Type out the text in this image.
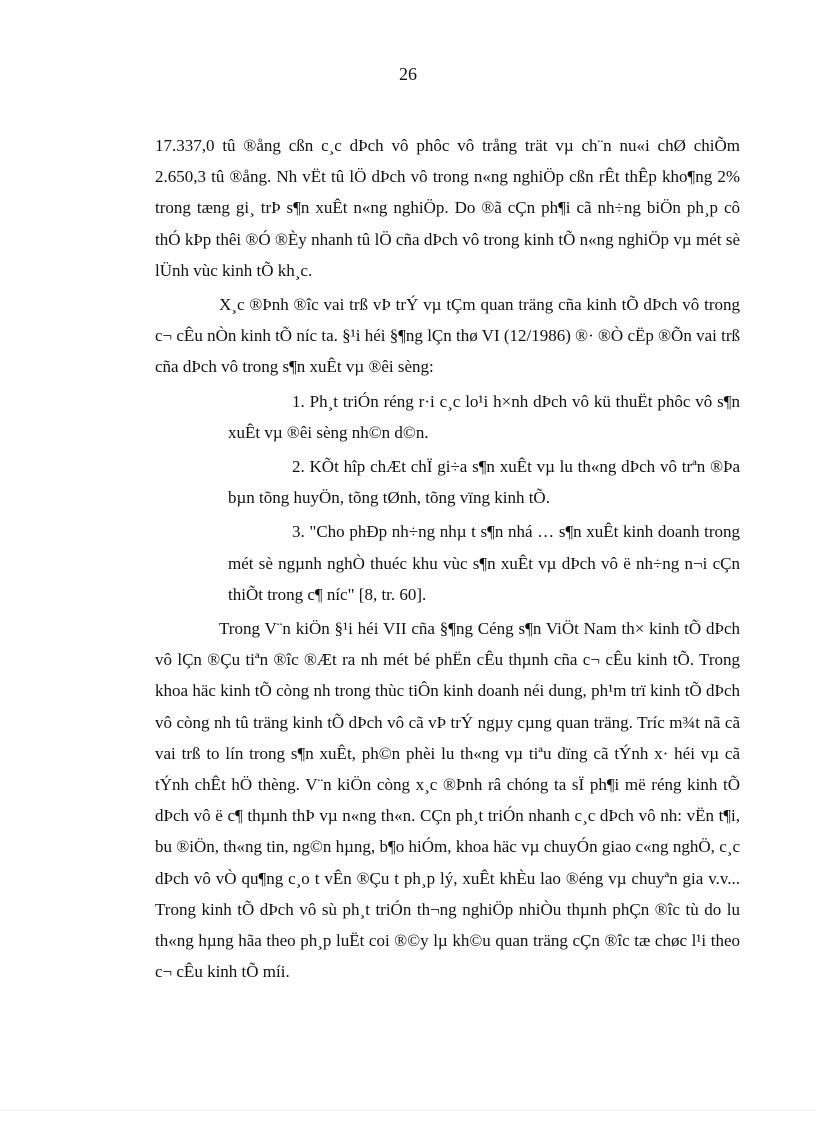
26

17.337,0 tû ®ång cßn c¸c dÞch vô phôc vô trång trät vµ ch¨n nu«i chØ chiÕm 2.650,3 tû ®ång. Nh vËt tû lÖ dÞch vô trong n«ng nghiÖp cßn rÊt thÊp kho¶ng 2% trong tæng gi¸ trÞ s¶n xuÊt n«ng nghiÖp. Do ®ã cÇn ph¶i cã nh÷ng biÖn ph¸p cô thÓ kÞp thêi ®Ó ®Èy nhanh tû lÖ cña dÞch vô trong kinh tÕ n«ng nghiÖp vµ mét sè lÜnh vùc kinh tÕ kh¸c.

X¸c ®Þnh ®îc vai trß vÞ trÝ vµ tÇm quan träng cña kinh tÕ dÞch vô trong c¬ cÊu nÒn kinh tÕ níc ta. §¹i héi §¶ng lÇn thø VI (12/1986) ®· ®Ò cËp ®Õn vai trß cña dÞch vô trong s¶n xuÊt vµ ®êi sèng:

1. Ph¸t triÓn réng r·i c¸c lo¹i h×nh dÞch vô kü thuËt phôc vô s¶n xuÊt vµ ®êi sèng nh©n d©n.

2. KÕt hîp chÆt chÏ gi÷a s¶n xuÊt vµ lu th«ng dÞch vô trªn ®Þa bµn tõng huyÖn, tõng tØnh, tõng vïng kinh tÕ.

3. "Cho phÐp nh÷ng nhµ t s¶n nhá … s¶n xuÊt kinh doanh trong mét sè ngµnh nghÒ thuéc khu vùc s¶n xuÊt vµ dÞch vô ë nh÷ng n¬i cÇn thiÕt trong c¶ níc" [8, tr. 60].

Trong V¨n kiÖn §¹i héi VII cña §¶ng Céng s¶n ViÖt Nam th× kinh tÕ dÞch vô lÇn ®Çu tiªn ®îc ®Æt ra nh mét bé phËn cÊu thµnh cña c¬ cÊu kinh tÕ. Trong khoa häc kinh tÕ còng nh trong thùc tiÔn kinh doanh néi dung, ph¹m trï kinh tÕ dÞch vô còng nh tû träng kinh tÕ dÞch vô cã vÞ trÝ ngµy cµng quan träng. Tríc m¾t nã cã vai trß to lín trong s¶n xuÊt, ph©n phèi lu th«ng vµ tiªu dïng cã tÝnh x· héi vµ cã tÝnh chÊt hÖ thèng. V¨n kiÖn còng x¸c ®Þnh râ chóng ta sÏ ph¶i më réng kinh tÕ dÞch vô ë c¶ thµnh thÞ vµ n«ng th«n. CÇn ph¸t triÓn nhanh c¸c dÞch vô nh: vËn t¶i, bu ®iÖn, th«ng tin, ng©n hµng, b¶o hiÓm, khoa häc vµ chuyÓn giao c«ng nghÖ, c¸c dÞch vô vÒ qu¶ng c¸o t vÊn ®Çu t ph¸p lý, xuÊt khÈu lao ®éng vµ chuyªn gia v.v... Trong kinh tÕ dÞch vô sù ph¸t triÓn th¬ng nghiÖp nhiÒu thµnh phÇn ®îc tù do lu th«ng hµng hãa theo ph¸p luËt coi ®©y lµ kh©u quan träng cÇn ®îc tæ chøc l¹i theo c¬ cÊu kinh tÕ míi.
